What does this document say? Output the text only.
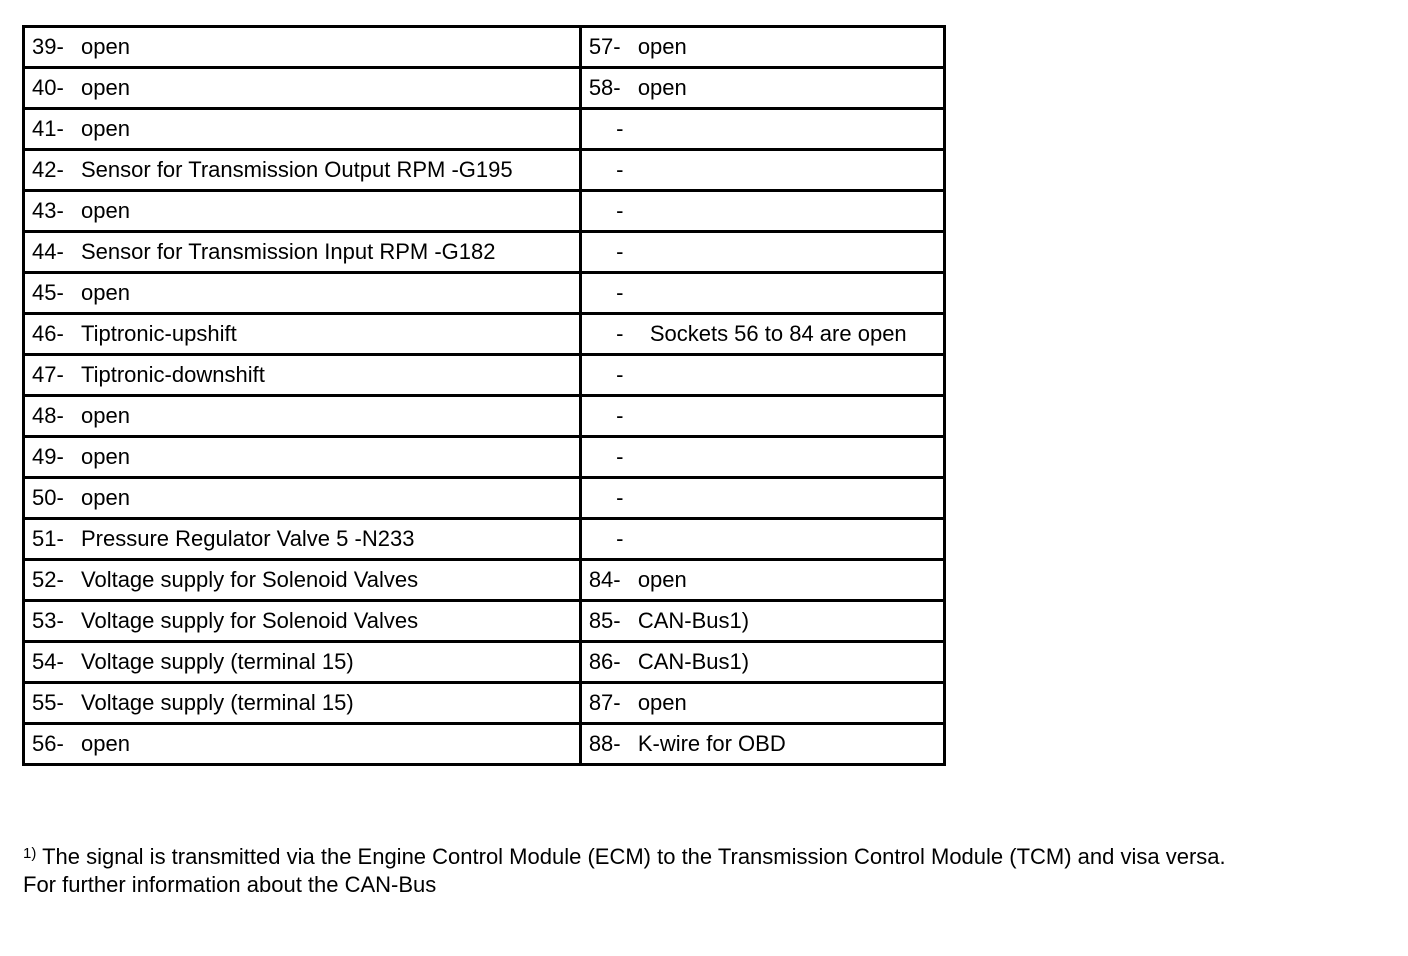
39- open	57- open

40- open	58- open

41- open	-

42- Sensor for Transmission Output RPM -G195	-

43- open	-

44- Sensor for Transmission Input RPM -G182	-

45- open	-

46- Tiptronic-upshift	- Sockets 56 to 84 are open

47- Tiptronic-downshift	-

48- open	-

49- open	-

50- open	-

51- Pressure Regulator Valve 5 -N233	-

52- Voltage supply for Solenoid Valves	84- open

53- Voltage supply for Solenoid Valves	85- CAN-Bus1)

54- Voltage supply (terminal 15)	86- CAN-Bus1)

55- Voltage supply (terminal 15)	87- open

56- open	88- K-wire for OBD
$^{1)}$ The signal is transmitted via the Engine Control Module (ECM) to the Transmission Control Module (TCM) and visa versa.
For further information about the CAN-Bus
